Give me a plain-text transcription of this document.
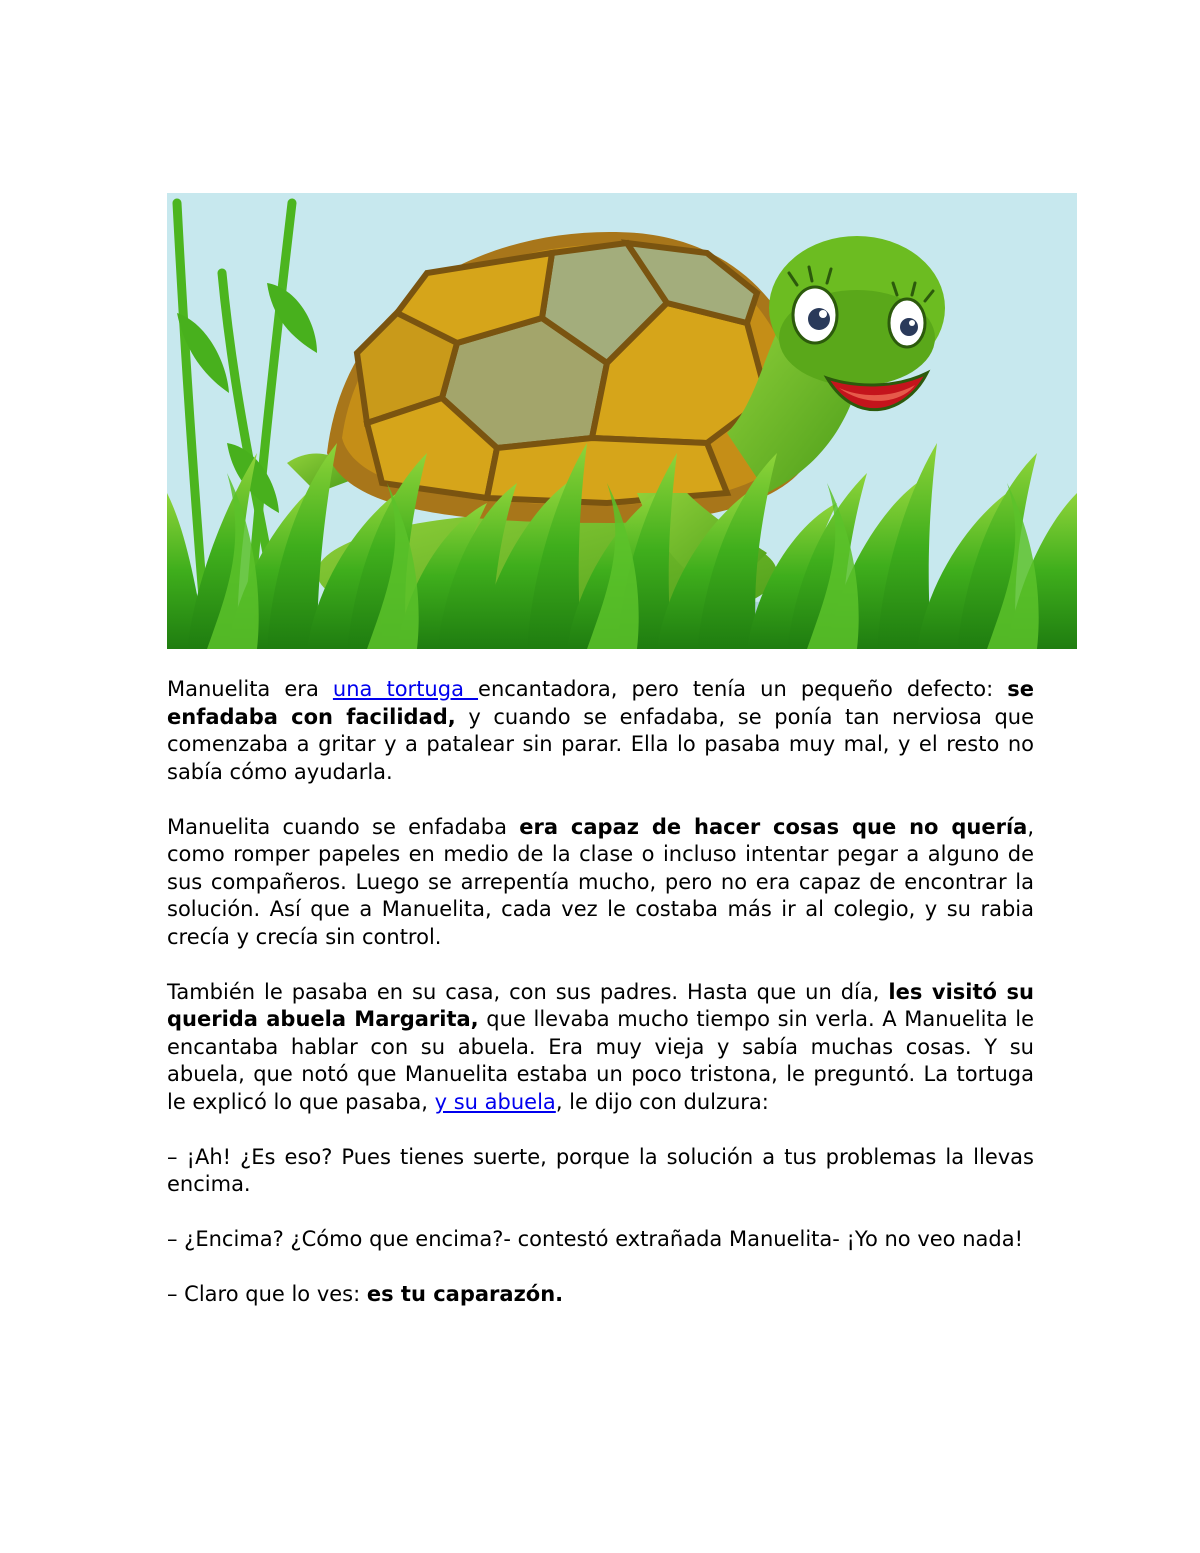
Manuelita era una tortuga encantadora, pero tenía un pequeño defecto: se enfadaba con facilidad, y cuando se enfadaba, se ponía tan nerviosa que comenzaba a gritar y a patalear sin parar. Ella lo pasaba muy mal, y el resto no sabía cómo ayudarla.

Manuelita cuando se enfadaba era capaz de hacer cosas que no quería, como romper papeles en medio de la clase o incluso intentar pegar a alguno de sus compañeros. Luego se arrepentía mucho, pero no era capaz de encontrar la solución. Así que a Manuelita, cada vez le costaba más ir al colegio, y su rabia crecía y crecía sin control.

También le pasaba en su casa, con sus padres. Hasta que un día, les visitó su querida abuela Margarita, que llevaba mucho tiempo sin verla. A Manuelita le encantaba hablar con su abuela. Era muy vieja y sabía muchas cosas. Y su abuela, que notó que Manuelita estaba un poco tristona, le preguntó. La tortuga le explicó lo que pasaba, y su abuela, le dijo con dulzura:

– ¡Ah! ¿Es eso? Pues tienes suerte, porque la solución a tus problemas la llevas encima.

– ¿Encima? ¿Cómo que encima?- contestó extrañada Manuelita- ¡Yo no veo nada!

– Claro que lo ves: es tu caparazón.
